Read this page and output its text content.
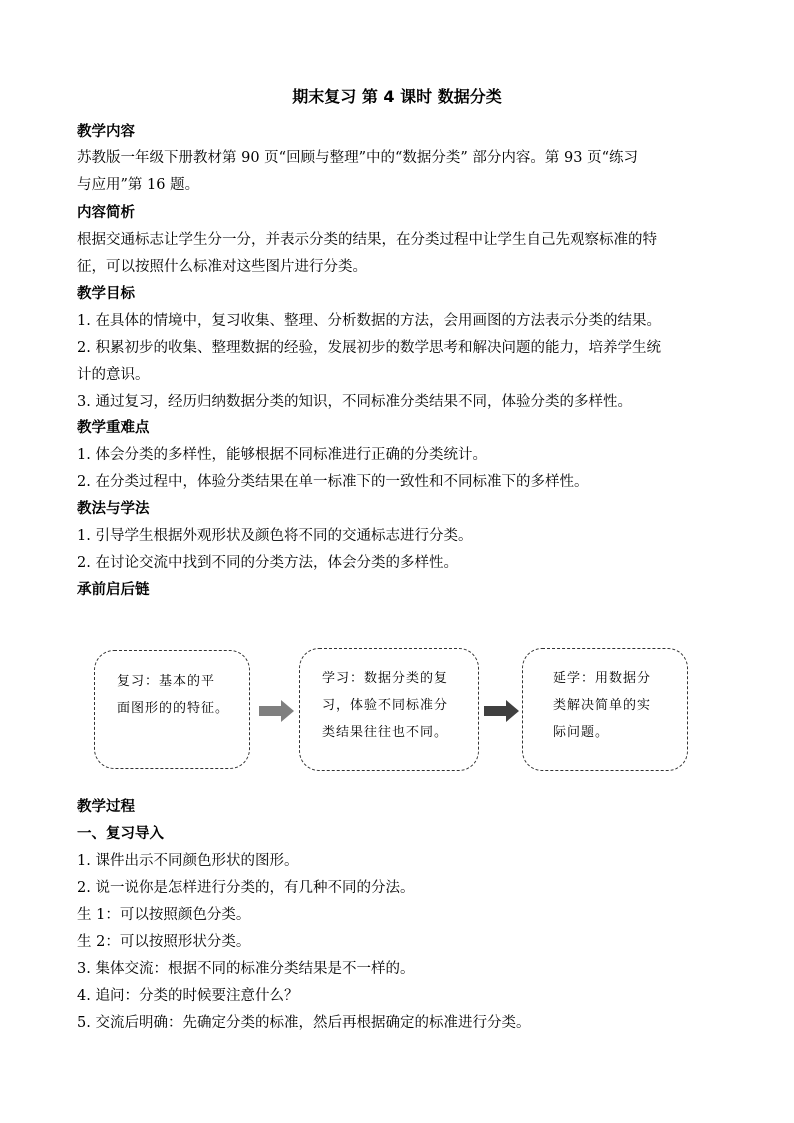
期末复习 第 4 课时 数据分类
教学内容
苏教版一年级下册教材第 90 页“回顾与整理”中的“数据分类” 部分内容。第 93 页“练习
与应用”第 16 题。
内容简析
根据交通标志让学生分一分，并表示分类的结果，在分类过程中让学生自己先观察标准的特
征，可以按照什么标准对这些图片进行分类。
教学目标
1. 在具体的情境中，复习收集、整理、分析数据的方法，会用画图的方法表示分类的结果。
2. 积累初步的收集、整理数据的经验，发展初步的数学思考和解决问题的能力，培养学生统
计的意识。
3. 通过复习，经历归纳数据分类的知识，不同标准分类结果不同，体验分类的多样性。
教学重难点
1. 体会分类的多样性，能够根据不同标准进行正确的分类统计。
2. 在分类过程中，体验分类结果在单一标准下的一致性和不同标准下的多样性。
教法与学法
1. 引导学生根据外观形状及颜色将不同的交通标志进行分类。
2. 在讨论交流中找到不同的分类方法，体会分类的多样性。
承前启后链
复习：基本的平
面图形的的特征。
学习：数据分类的复
习，体验不同标准分
类结果往往也不同。
延学：用数据分
类解决简单的实
际问题。
教学过程
一、复习导入
1. 课件出示不同颜色形状的图形。
2. 说一说你是怎样进行分类的，有几种不同的分法。
生 1：可以按照颜色分类。
生 2：可以按照形状分类。
3. 集体交流：根据不同的标准分类结果是不一样的。
4. 追问：分类的时候要注意什么？
5. 交流后明确：先确定分类的标准，然后再根据确定的标准进行分类。
